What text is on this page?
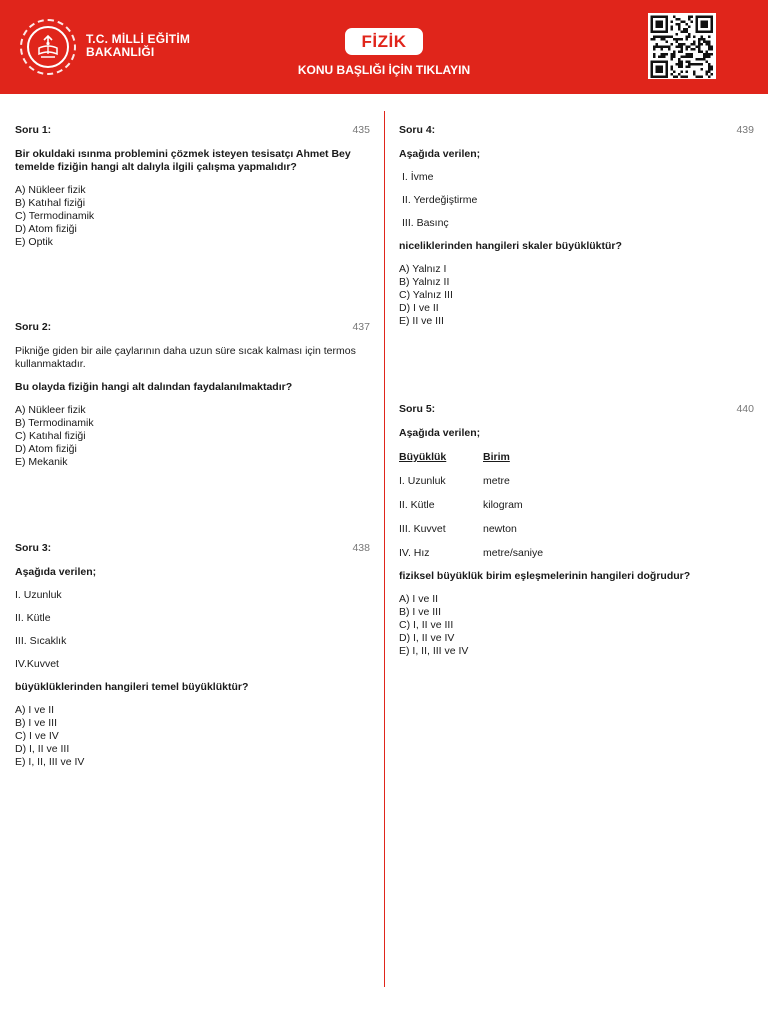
T.C. MİLLİ EĞİTİM
BAKANLIĞI
FİZİK
KONU BAŞLIĞI İÇİN TIKLAYIN
Soru 1:	435

Bir okuldaki ısınma problemini çözmek isteyen tesisatçı Ahmet Bey temelde fiziğin hangi alt dalıyla ilgili çalışma yapmalıdır?

A) Nükleer fizik
B) Katıhal fiziği
C) Termodinamik
D) Atom fiziği
E) Optik
Soru 2:	437

Pikniğe giden bir aile çaylarının daha uzun süre sıcak kalması için termos kullanmaktadır.

Bu olayda fiziğin hangi alt dalından faydalanılmaktadır?

A) Nükleer fizik
B) Termodinamik
C) Katıhal fiziği
D) Atom fiziği
E) Mekanik
Soru 3:	438

Aşağıda verilen;

I. Uzunluk

II. Kütle

III. Sıcaklık

IV.Kuvvet

büyüklüklerinden hangileri temel büyüklüktür?

A) I ve II
B) I ve III
C) I ve IV
D) I, II ve III
E) I, II, III ve IV
Soru 4:	439

Aşağıda verilen;

I. İvme

II. Yerdeğiştirme

III. Basınç

niceliklerinden hangileri skaler büyüklüktür?

A) Yalnız I
B) Yalnız II
C) Yalnız III
D) I ve II
E) II ve III
Soru 5:	440

Aşağıda verilen;

Büyüklük	Birim
I. Uzunluk	metre
II. Kütle	kilogram
III. Kuvvet	newton
IV. Hız	metre/saniye

fiziksel büyüklük birim eşleşmelerinin hangileri doğrudur?

A) I ve II
B) I ve III
C) I, II ve III
D) I, II ve IV
E) I, II, III ve IV
